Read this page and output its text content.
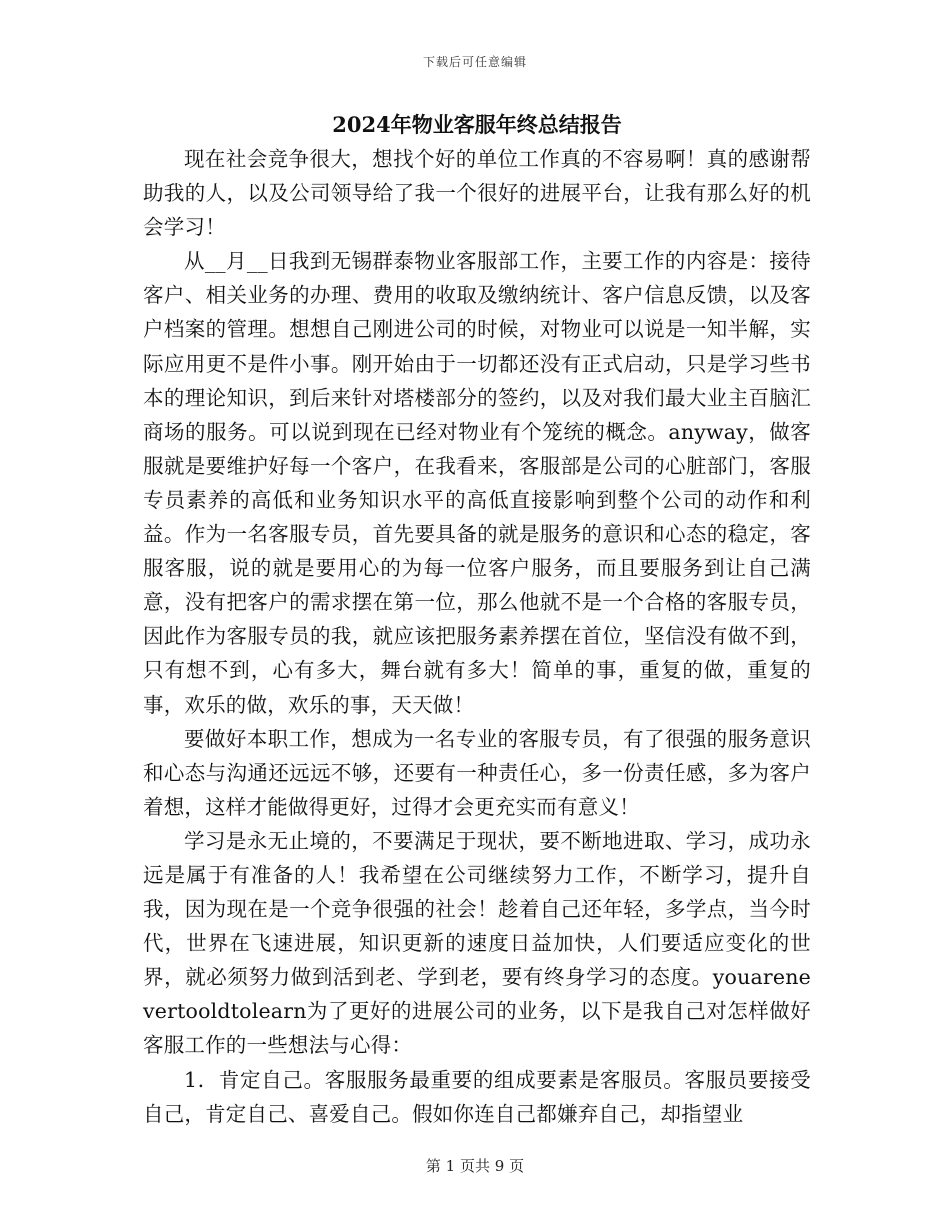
下载后可任意编辑
2024年物业客服年终总结报告

现在社会竞争很大，想找个好的单位工作真的不容易啊！真的感谢帮助我的人，以及公司领导给了我一个很好的进展平台，让我有那么好的机会学习！

从__月__日我到无锡群泰物业客服部工作，主要工作的内容是：接待客户、相关业务的办理、费用的收取及缴纳统计、客户信息反馈，以及客户档案的管理。想想自己刚进公司的时候，对物业可以说是一知半解，实际应用更不是件小事。刚开始由于一切都还没有正式启动，只是学习些书本的理论知识，到后来针对塔楼部分的签约，以及对我们最大业主百脑汇商场的服务。可以说到现在已经对物业有个笼统的概念。anyway，做客服就是要维护好每一个客户，在我看来，客服部是公司的心脏部门，客服专员素养的高低和业务知识水平的高低直接影响到整个公司的动作和利益。作为一名客服专员，首先要具备的就是服务的意识和心态的稳定，客服客服，说的就是要用心的为每一位客户服务，而且要服务到让自己满意，没有把客户的需求摆在第一位，那么他就不是一个合格的客服专员，因此作为客服专员的我，就应该把服务素养摆在首位，坚信没有做不到，只有想不到，心有多大，舞台就有多大！简单的事，重复的做，重复的事，欢乐的做，欢乐的事，天天做！

要做好本职工作，想成为一名专业的客服专员，有了很强的服务意识和心态与沟通还远远不够，还要有一种责任心，多一份责任感，多为客户着想，这样才能做得更好，过得才会更充实而有意义！

学习是永无止境的，不要满足于现状，要不断地进取、学习，成功永远是属于有准备的人！我希望在公司继续努力工作，不断学习，提升自我，因为现在是一个竞争很强的社会！趁着自己还年轻，多学点，当今时代，世界在飞速进展，知识更新的速度日益加快，人们要适应变化的世界，就必须努力做到活到老、学到老，要有终身学习的态度。youarenevertooldtolearn为了更好的进展公司的业务，以下是我自己对怎样做好客服工作的一些想法与心得：

1．肯定自己。客服服务最重要的组成要素是客服员。客服员要接受自己，肯定自己、喜爱自己。假如你连自己都嫌弃自己，却指望业

第 1 页共 9 页
